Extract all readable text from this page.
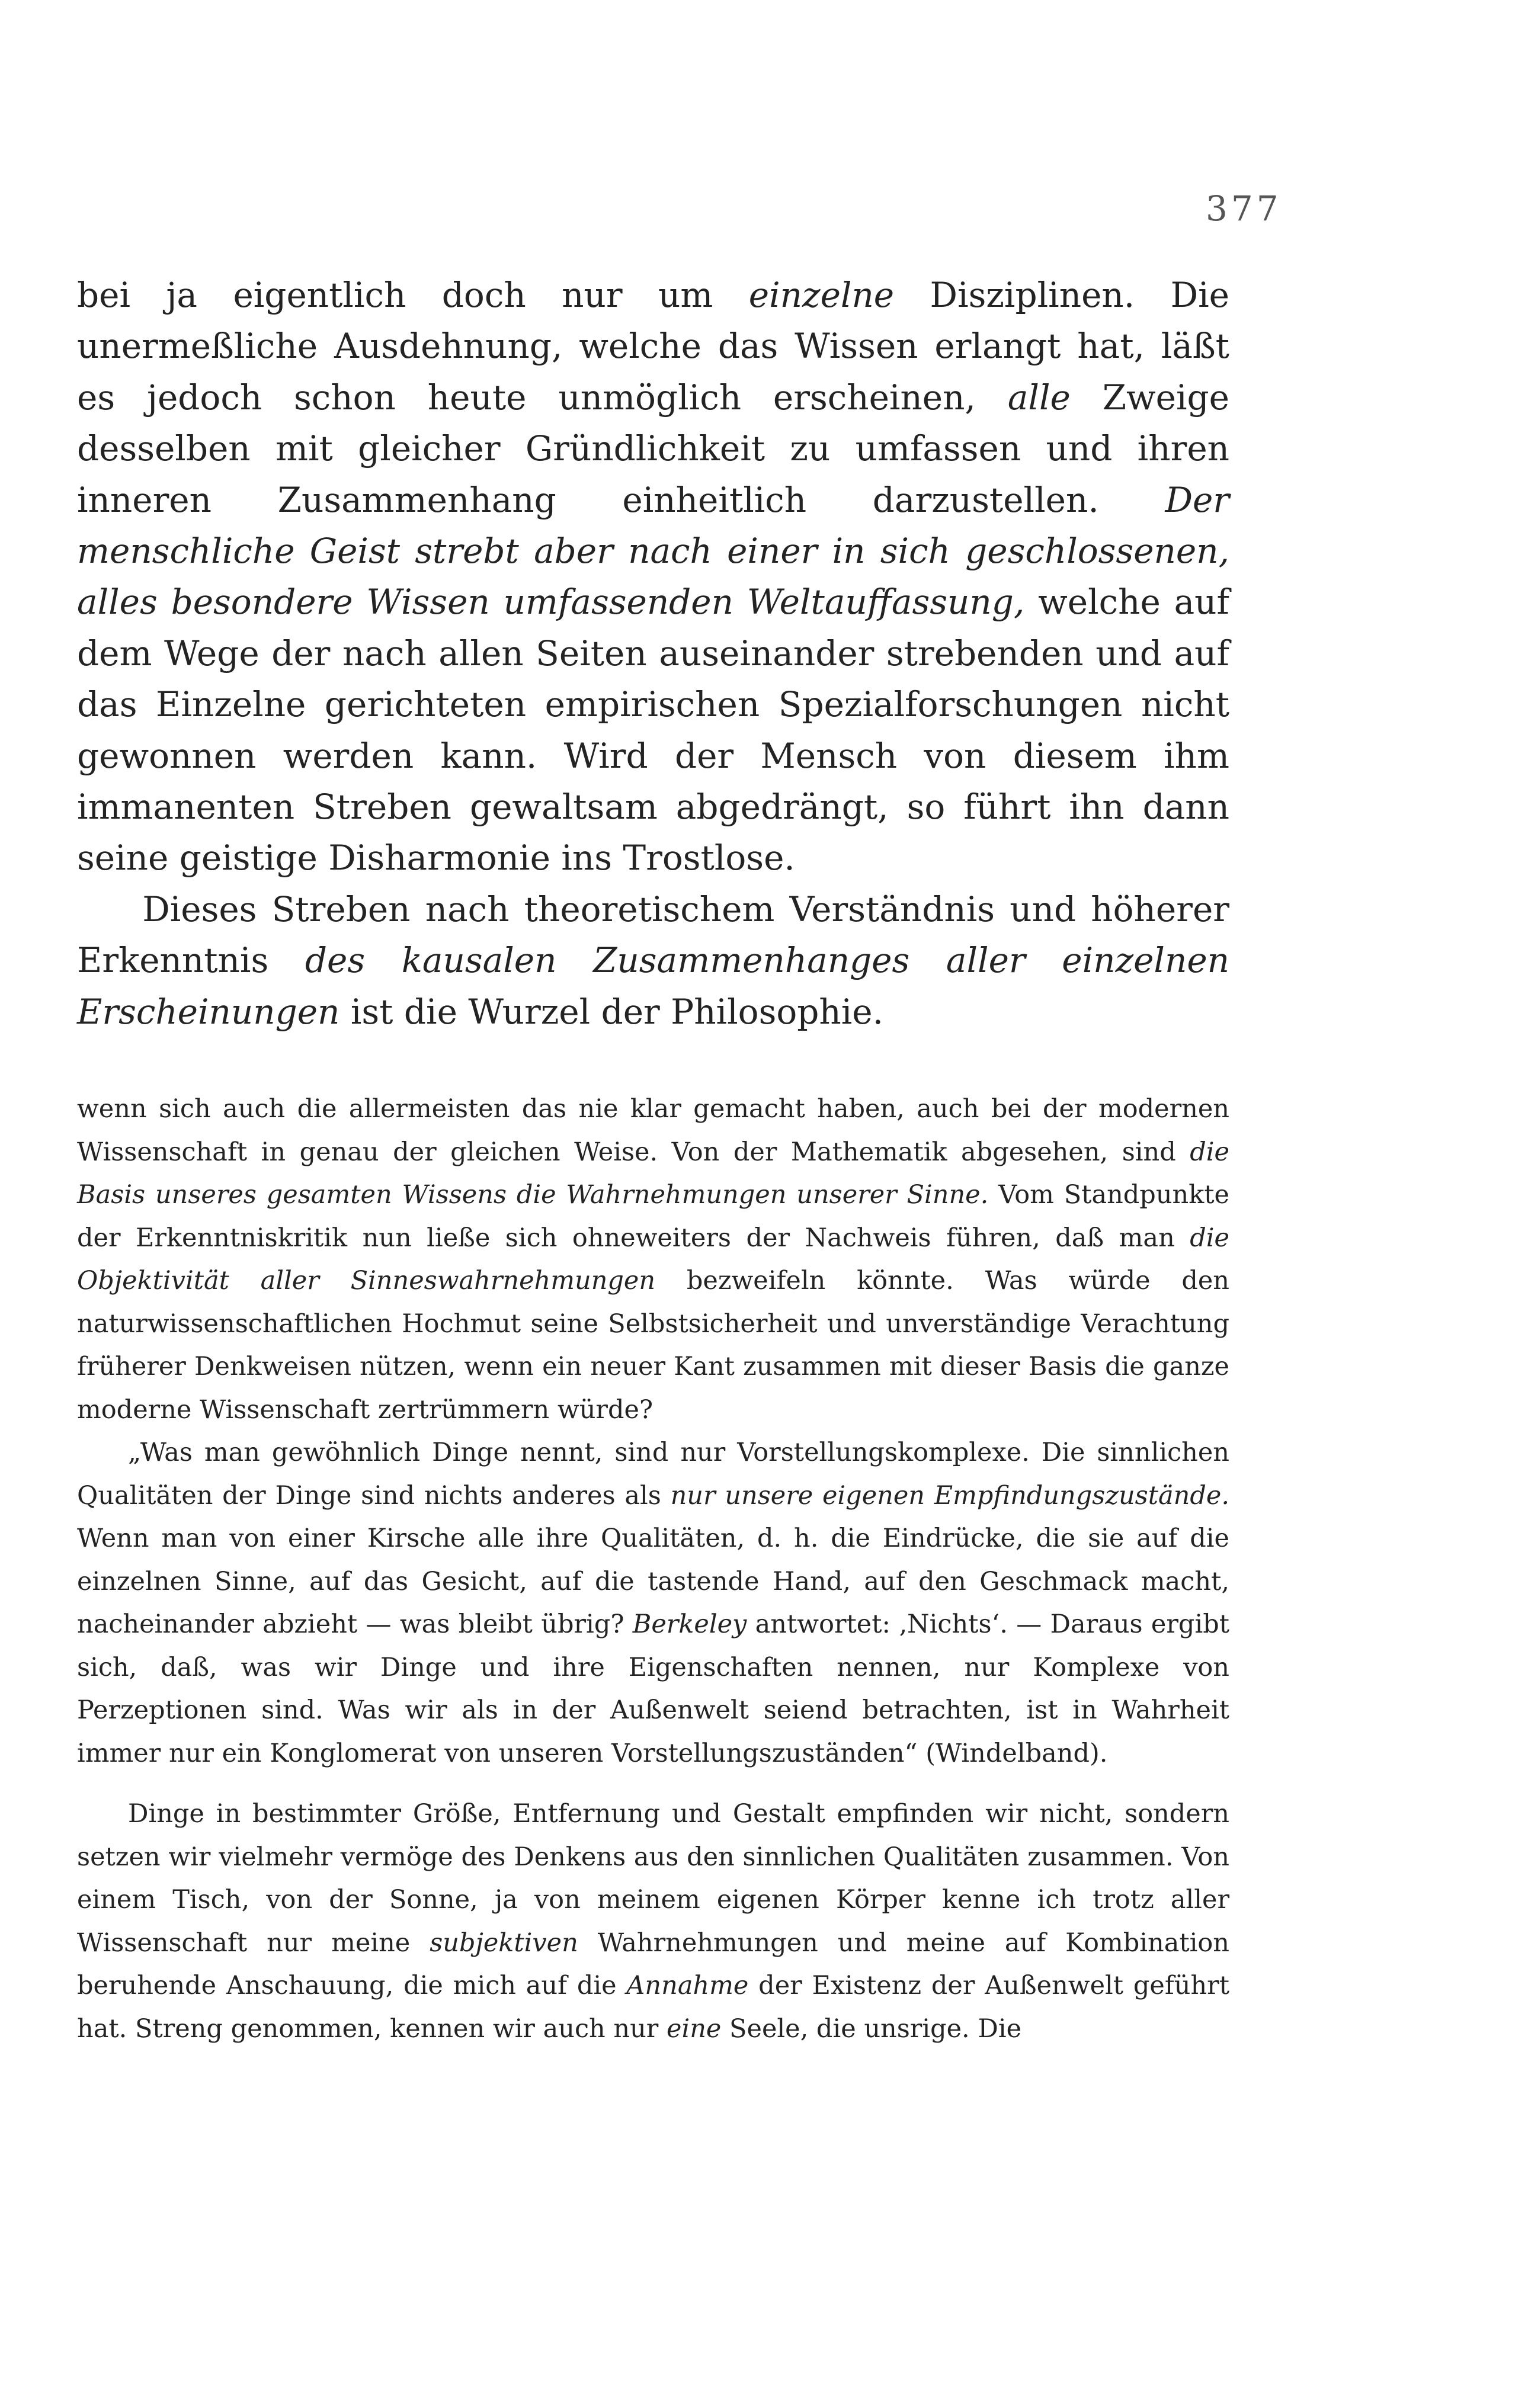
377

bei ja eigentlich doch nur um einzelne Disziplinen. Die unermeßliche Ausdehnung, welche das Wissen erlangt hat, läßt es jedoch schon heute unmöglich erscheinen, alle Zweige desselben mit gleicher Gründlichkeit zu umfassen und ihren inneren Zusammenhang einheitlich darzustellen. Der menschliche Geist strebt aber nach einer in sich geschlossenen, alles besondere Wissen umfassenden Weltauffassung, welche auf dem Wege der nach allen Seiten auseinander strebenden und auf das Einzelne gerichteten empirischen Spezialforschungen nicht gewonnen werden kann. Wird der Mensch von diesem ihm immanenten Streben gewaltsam abgedrängt, so führt ihn dann seine geistige Disharmonie ins Trostlose.

Dieses Streben nach theoretischem Verständnis und höherer Erkenntnis des kausalen Zusammenhanges aller einzelnen Erscheinungen ist die Wurzel der Philosophie.

wenn sich auch die allermeisten das nie klar gemacht haben, auch bei der modernen Wissenschaft in genau der gleichen Weise. Von der Mathematik abgesehen, sind die Basis unseres gesamten Wissens die Wahrnehmungen unserer Sinne. Vom Standpunkte der Erkenntniskritik nun ließe sich ohneweiters der Nachweis führen, daß man die Objektivität aller Sinneswahrnehmungen bezweifeln könnte. Was würde den naturwissenschaftlichen Hochmut seine Selbstsicherheit und unverständige Verachtung früherer Denkweisen nützen, wenn ein neuer Kant zusammen mit dieser Basis die ganze moderne Wissenschaft zertrümmern würde?

„Was man gewöhnlich Dinge nennt, sind nur Vorstellungskomplexe. Die sinnlichen Qualitäten der Dinge sind nichts anderes als nur unsere eigenen Empfindungszustände. Wenn man von einer Kirsche alle ihre Qualitäten, d. h. die Eindrücke, die sie auf die einzelnen Sinne, auf das Gesicht, auf die tastende Hand, auf den Geschmack macht, nacheinander abzieht — was bleibt übrig? Berkeley antwortet: ‚Nichts‘. — Daraus ergibt sich, daß, was wir Dinge und ihre Eigenschaften nennen, nur Komplexe von Perzeptionen sind. Was wir als in der Außenwelt seiend betrachten, ist in Wahrheit immer nur ein Konglomerat von unseren Vorstellungszuständen“ (Windelband).

Dinge in bestimmter Größe, Entfernung und Gestalt empfinden wir nicht, sondern setzen wir vielmehr vermöge des Denkens aus den sinnlichen Qualitäten zusammen. Von einem Tisch, von der Sonne, ja von meinem eigenen Körper kenne ich trotz aller Wissenschaft nur meine subjektiven Wahrnehmungen und meine auf Kombination beruhende Anschauung, die mich auf die Annahme der Existenz der Außenwelt geführt hat. Streng genommen, kennen wir auch nur eine Seele, die unsrige. Die
